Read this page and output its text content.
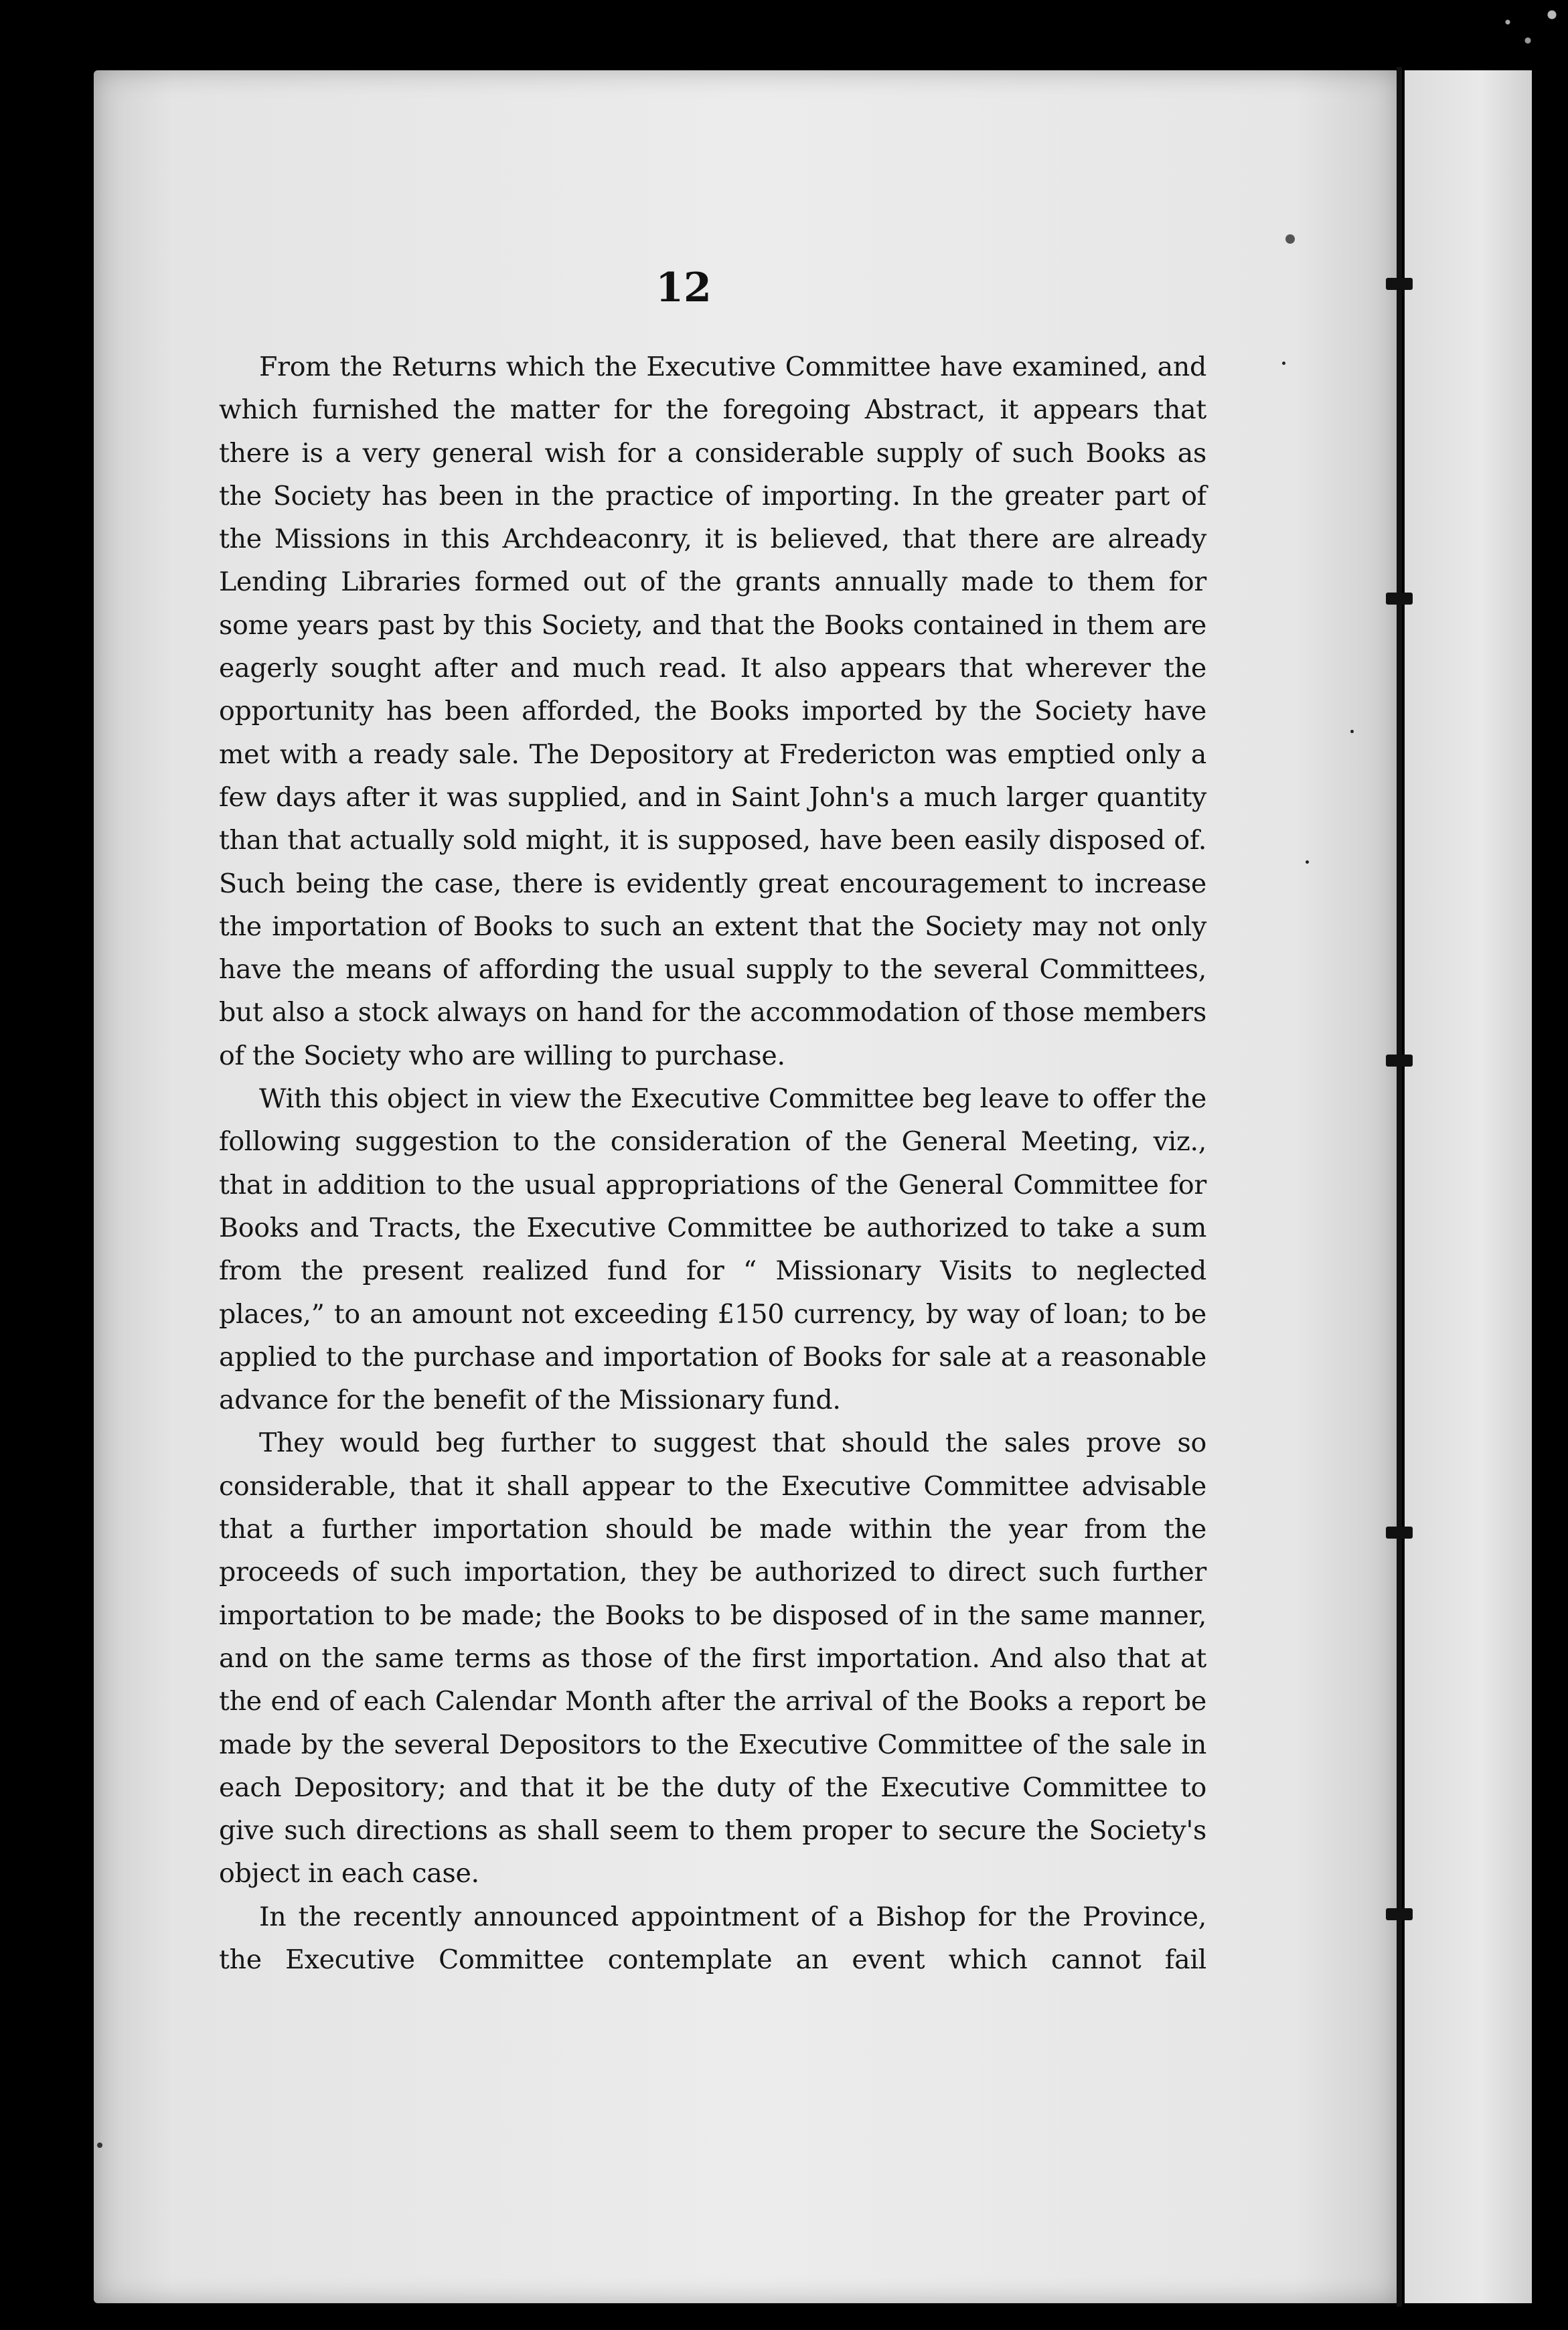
12

From the Returns which the Executive Committee have examined, and which furnished the matter for the foregoing Abstract, it appears that there is a very general wish for a considerable supply of such Books as the Society has been in the practice of importing. In the greater part of the Missions in this Archdeaconry, it is believed, that there are already Lending Libraries formed out of the grants annually made to them for some years past by this Society, and that the Books contained in them are eagerly sought after and much read. It also appears that wherever the opportunity has been afforded, the Books imported by the Society have met with a ready sale. The Depository at Fredericton was emptied only a few days after it was supplied, and in Saint John's a much larger quantity than that actually sold might, it is supposed, have been easily disposed of. Such being the case, there is evidently great encouragement to increase the importation of Books to such an extent that the Society may not only have the means of affording the usual supply to the several Committees, but also a stock always on hand for the accommodation of those members of the Society who are willing to purchase.

With this object in view the Executive Committee beg leave to offer the following suggestion to the consideration of the General Meeting, viz., that in addition to the usual appropriations of the General Committee for Books and Tracts, the Executive Committee be authorized to take a sum from the present realized fund for “ Missionary Visits to neglected places,” to an amount not exceeding £150 currency, by way of loan; to be applied to the purchase and importation of Books for sale at a reasonable advance for the benefit of the Missionary fund.

They would beg further to suggest that should the sales prove so considerable, that it shall appear to the Executive Committee advisable that a further importation should be made within the year from the proceeds of such importation, they be authorized to direct such further importation to be made; the Books to be disposed of in the same manner, and on the same terms as those of the first importation. And also that at the end of each Calendar Month after the arrival of the Books a report be made by the several Depositors to the Executive Committee of the sale in each Depository; and that it be the duty of the Executive Committee to give such directions as shall seem to them proper to secure the Society's object in each case.

In the recently announced appointment of a Bishop for the Province, the Executive Committee contemplate an event which cannot fail
